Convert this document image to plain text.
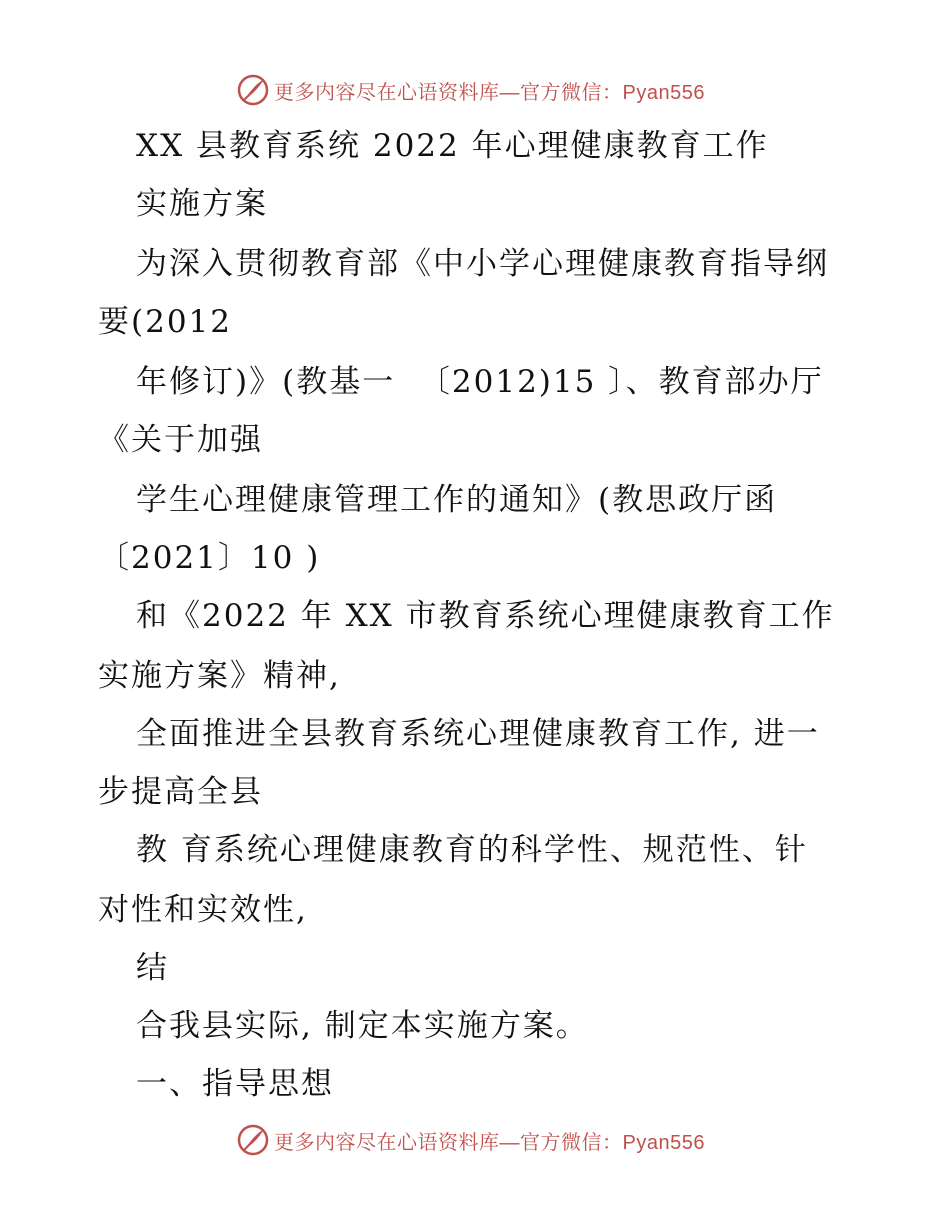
更多内容尽在心语资料库—官方微信：Pyan556
XX 县教育系统 2022 年心理健康教育工作
实施方案
为深入贯彻教育部《中小学心理健康教育指导纲
要(2012
年修订)》(教基一  〔2012)15 〕、教育部办厅
《关于加强
学生心理健康管理工作的通知》(教思政厅函
〔2021〕10 )
和《2022 年 XX 市教育系统心理健康教育工作
实施方案》精神,
全面推进全县教育系统心理健康教育工作, 进一
步提高全县
教 育系统心理健康教育的科学性、规范性、针
对性和实效性,
结
合我县实际, 制定本实施方案。
一、指导思想
更多内容尽在心语资料库—官方微信：Pyan556
